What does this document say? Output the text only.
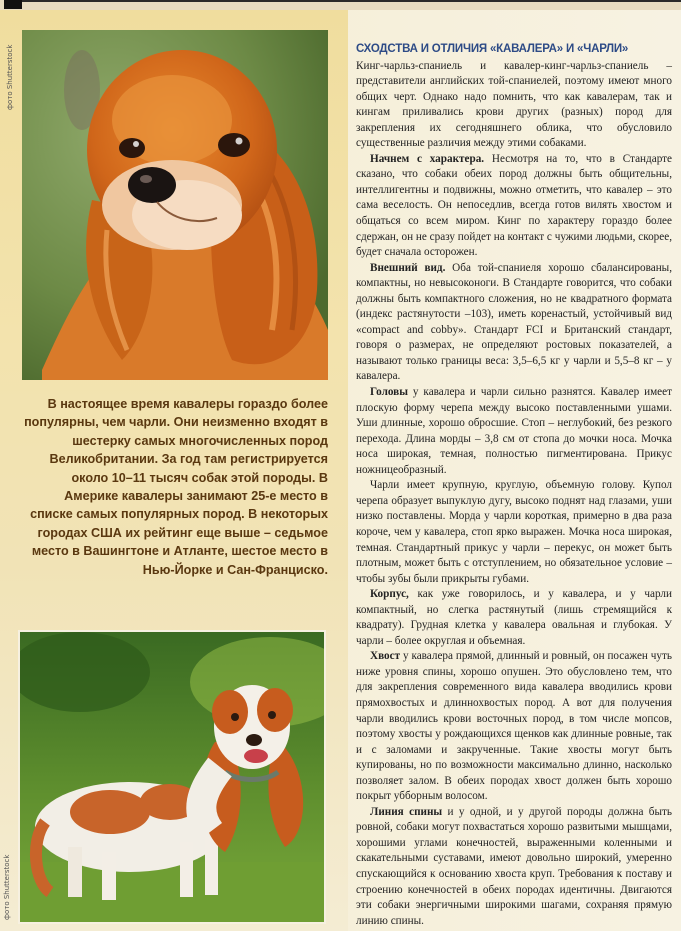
фото Shutterstock

В настоящее время кавалеры гораздо более популярны, чем чарли. Они неизменно входят в шестерку самых многочисленных пород Великобритании. За год там регистрируется около 10–11 тысяч собак этой породы. В Америке кавалеры занимают 25-е место в списке самых популярных пород. В некоторых городах США их рейтинг еще выше – седьмое место в Вашингтоне и Атланте, шестое место в Нью-Йорке и Сан-Франциско.

фото Shutterstock
СХОДСТВА И ОТЛИЧИЯ «КАВАЛЕРА» И «ЧАРЛИ»

Кинг-чарльз-спаниель и кавалер-кинг-чарльз-спаниель – представители английских той-спаниелей, поэтому имеют много общих черт. Однако надо помнить, что как кавалерам, так и кингам приливались крови других (разных) пород для закрепления их сегодняшнего облика, что обусловило существенные различия между этими собаками.

Начнем с характера. Несмотря на то, что в Стандарте сказано, что собаки обеих пород должны быть общительны, интеллигентны и подвижны, можно отметить, что кавалер – это сама веселость. Он непоседлив, всегда готов вилять хвостом и общаться со всем миром. Кинг по характеру гораздо более сдержан, он не сразу пойдет на контакт с чужими людьми, скорее, будет сначала осторожен.

Внешний вид. Оба той-спаниеля хорошо сбалансированы, компактны, но невысоконоги. В Стандарте говорится, что собаки должны быть компактного сложения, но не квадратного формата (индекс растянутости –103), иметь коренастый, устойчивый вид «compact and cobby». Стандарт FCI и Британский стандарт, говоря о размерах, не определяют ростовых показателей, а называют только границы веса: 3,5–6,5 кг у чарли и 5,5–8 кг – у кавалера.

Головы у кавалера и чарли сильно разнятся. Кавалер имеет плоскую форму черепа между высоко поставленными ушами. Уши длинные, хорошо обросшие. Стоп – неглубокий, без резкого перехода. Длина морды – 3,8 см от стопа до мочки носа. Мочка носа широкая, темная, полностью пигментирована. Прикус ножницеобразный.

Чарли имеет крупную, круглую, объемную голову. Купол черепа образует выпуклую дугу, высоко поднят над глазами, уши низко поставлены. Морда у чарли короткая, примерно в два раза короче, чем у кавалера, стоп ярко выражен. Мочка носа широкая, темная. Стандартный прикус у чарли – перекус, он может быть плотным, может быть с отступлением, но обязательное условие – чтобы зубы были прикрыты губами.

Корпус, как уже говорилось, и у кавалера, и у чарли компактный, но слегка растянутый (лишь стремящийся к квадрату). Грудная клетка у кавалера овальная и глубокая. У чарли – более округлая и объемная.

Хвост у кавалера прямой, длинный и ровный, он посажен чуть ниже уровня спины, хорошо опушен. Это обусловлено тем, что для закрепления современного вида кавалера вводились крови прямохвостых и длиннохвостых пород. А вот для получения чарли вводились крови восточных пород, в том числе мопсов, поэтому хвосты у рождающихся щенков как длинные ровные, так и с заломами и закрученные. Такие хвосты могут быть купированы, но по возможности максимально длинно, насколько позволяет залом. В обеих породах хвост должен быть хорошо покрыт убборным волосом.

Линия спины и у одной, и у другой породы должна быть ровной, собаки могут похвастаться хорошо развитыми мышцами, хорошими углами конечностей, выраженными коленными и скакательными суставами, имеют довольно широкий, умеренно спускающийся к основанию хвоста круп. Требования к поставу и строению конечностей в обеих породах идентичны. Двигаются эти собаки энергичными широкими шагами, сохраняя прямую линию спины.
